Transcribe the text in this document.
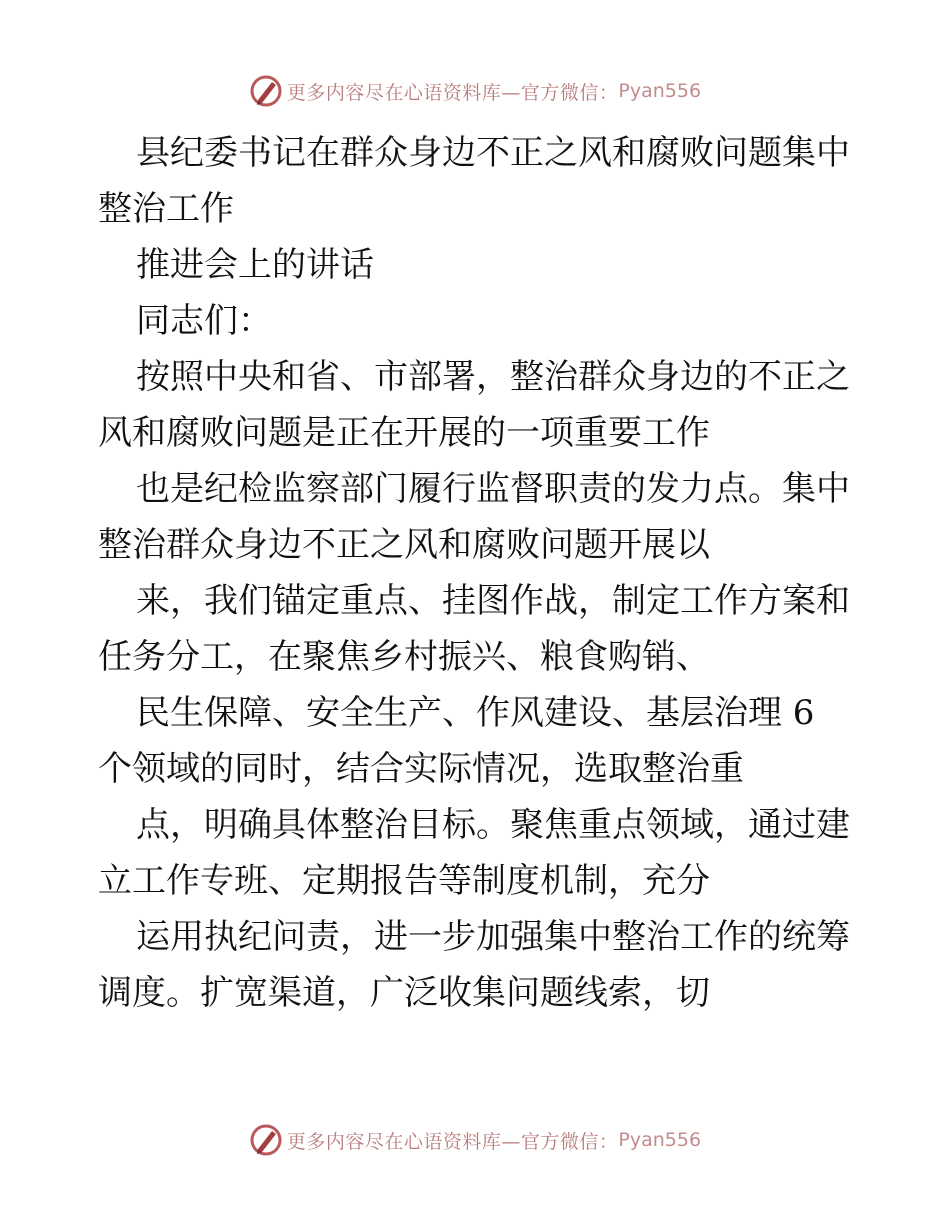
更多内容尽在心语资料库—官方微信： Pyan556

县纪委书记在群众身边不正之风和腐败问题集中

整治工作

推进会上的讲话

同志们：

按照中央和省、市部署，整治群众身边的不正之

风和腐败问题是正在开展的一项重要工作

也是纪检监察部门履行监督职责的发力点。集中

整治群众身边不正之风和腐败问题开展以

来，我们锚定重点、挂图作战，制定工作方案和

任务分工，在聚焦乡村振兴、粮食购销、

民生保障、安全生产、作风建设、基层治理 6

个领域的同时，结合实际情况，选取整治重

点，明确具体整治目标。聚焦重点领域，通过建

立工作专班、定期报告等制度机制，充分

运用执纪问责，进一步加强集中整治工作的统筹

调度。扩宽渠道，广泛收集问题线索，切

更多内容尽在心语资料库—官方微信： Pyan556
